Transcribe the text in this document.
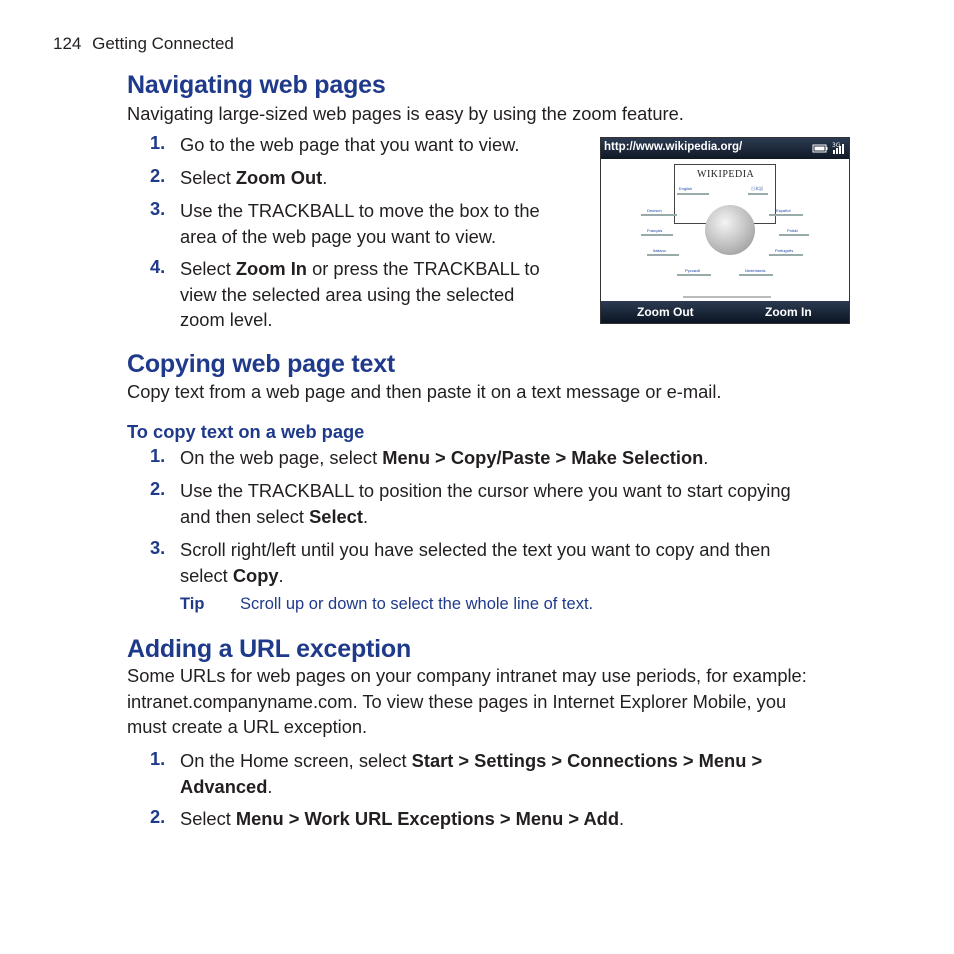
124 Getting Connected
Navigating web pages
Navigating large-sized web pages is easy by using the zoom feature.
1. Go to the web page that you want to view.
2. Select Zoom Out.
3. Use the TRACKBALL to move the box to the
area of the web page you want to view.
4. Select Zoom In or press the TRACKBALL to
view the selected area using the selected
zoom level.
http://www.wikipedia.org/	3G
WIKIPEDIA
English	日本語
Deutsch	Español
Français	Polski
Italiano	Português
Русский	Nederlands
Zoom Out	Zoom In
Copying web page text
Copy text from a web page and then paste it on a text message or e-mail.
To copy text on a web page
1. On the web page, select Menu > Copy/Paste > Make Selection.
2. Use the TRACKBALL to position the cursor where you want to start copying
and then select Select.
3. Scroll right/left until you have selected the text you want to copy and then
select Copy.
Tip Scroll up or down to select the whole line of text.
Adding a URL exception
Some URLs for web pages on your company intranet may use periods, for example:
intranet.companyname.com. To view these pages in Internet Explorer Mobile, you
must create a URL exception.
1. On the Home screen, select Start > Settings > Connections > Menu >
Advanced.
2. Select Menu > Work URL Exceptions > Menu > Add.
